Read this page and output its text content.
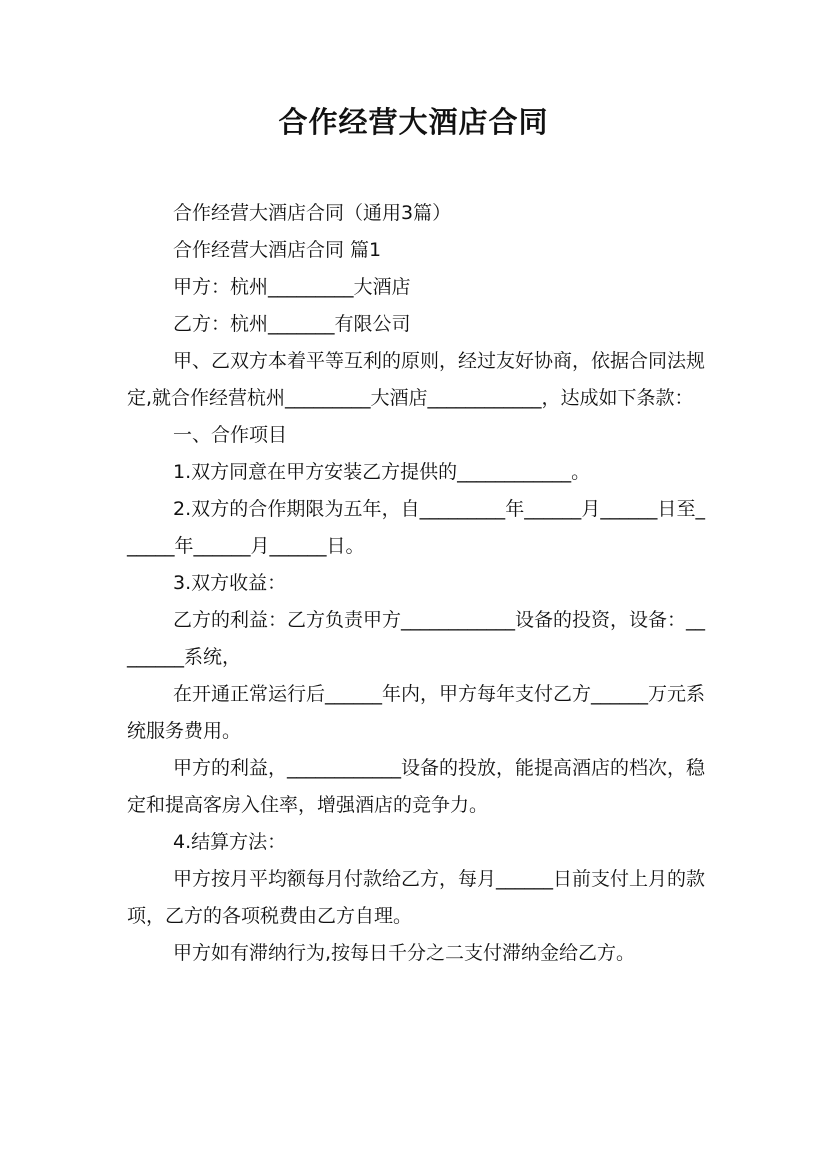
合作经营大酒店合同

合作经营大酒店合同（通用3篇）

合作经营大酒店合同 篇1

甲方：杭州_________大酒店

乙方：杭州_______有限公司

甲、乙双方本着平等互利的原则，经过友好协商，依据合同法规定,就合作经营杭州_________大酒店____________，达成如下条款：

一、合作项目

1.双方同意在甲方安装乙方提供的____________。

2.双方的合作期限为五年，自_________年______月______日至______年______月______日。

3.双方收益：

乙方的利益：乙方负责甲方____________设备的投资，设备：________系统，

在开通正常运行后______年内，甲方每年支付乙方______万元系统服务费用。

甲方的利益，____________设备的投放，能提高酒店的档次，稳定和提高客房入住率，增强酒店的竞争力。

4.结算方法：

甲方按月平均额每月付款给乙方，每月______日前支付上月的款项，乙方的各项税费由乙方自理。

甲方如有滞纳行为,按每日千分之二支付滞纳金给乙方。
